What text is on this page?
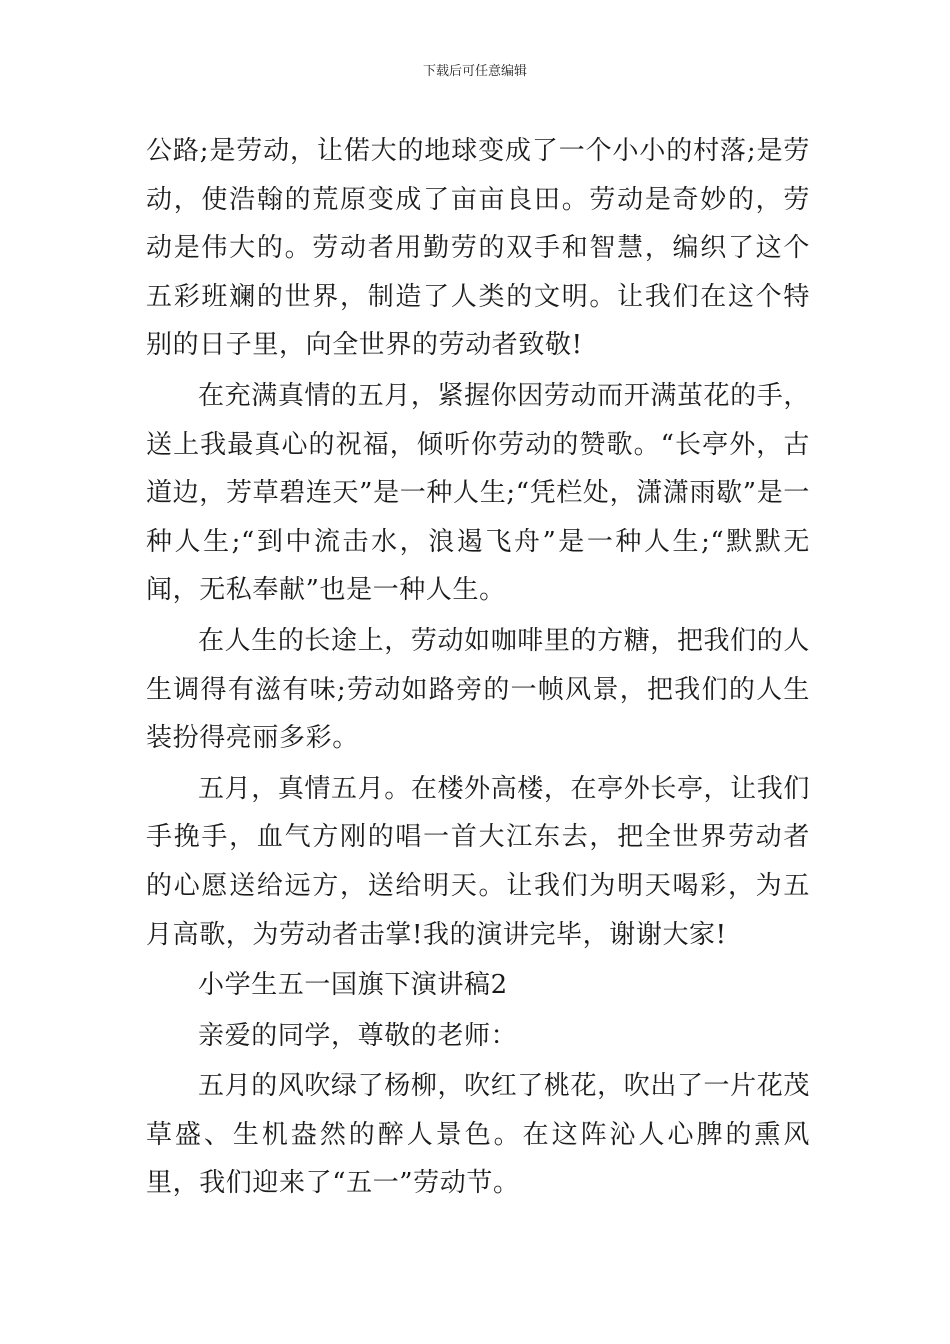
下载后可任意编辑

公路;是劳动，让偌大的地球变成了一个小小的村落;是劳动，使浩翰的荒原变成了亩亩良田。劳动是奇妙的，劳动是伟大的。劳动者用勤劳的双手和智慧，编织了这个五彩班斓的世界，制造了人类的文明。让我们在这个特别的日子里，向全世界的劳动者致敬!

在充满真情的五月，紧握你因劳动而开满茧花的手，送上我最真心的祝福，倾听你劳动的赞歌。“长亭外，古道边，芳草碧连天”是一种人生;“凭栏处，潇潇雨歇”是一种人生;“到中流击水，浪遏飞舟”是一种人生;“默默无闻，无私奉献”也是一种人生。

在人生的长途上，劳动如咖啡里的方糖，把我们的人生调得有滋有味;劳动如路旁的一帧风景，把我们的人生装扮得亮丽多彩。

五月，真情五月。在楼外高楼，在亭外长亭，让我们手挽手，血气方刚的唱一首大江东去，把全世界劳动者的心愿送给远方，送给明天。让我们为明天喝彩，为五月高歌，为劳动者击掌!我的演讲完毕，谢谢大家!

小学生五一国旗下演讲稿2

亲爱的同学，尊敬的老师：

五月的风吹绿了杨柳，吹红了桃花，吹出了一片花茂草盛、生机盎然的醉人景色。在这阵沁人心脾的熏风里，我们迎来了“五一”劳动节。
